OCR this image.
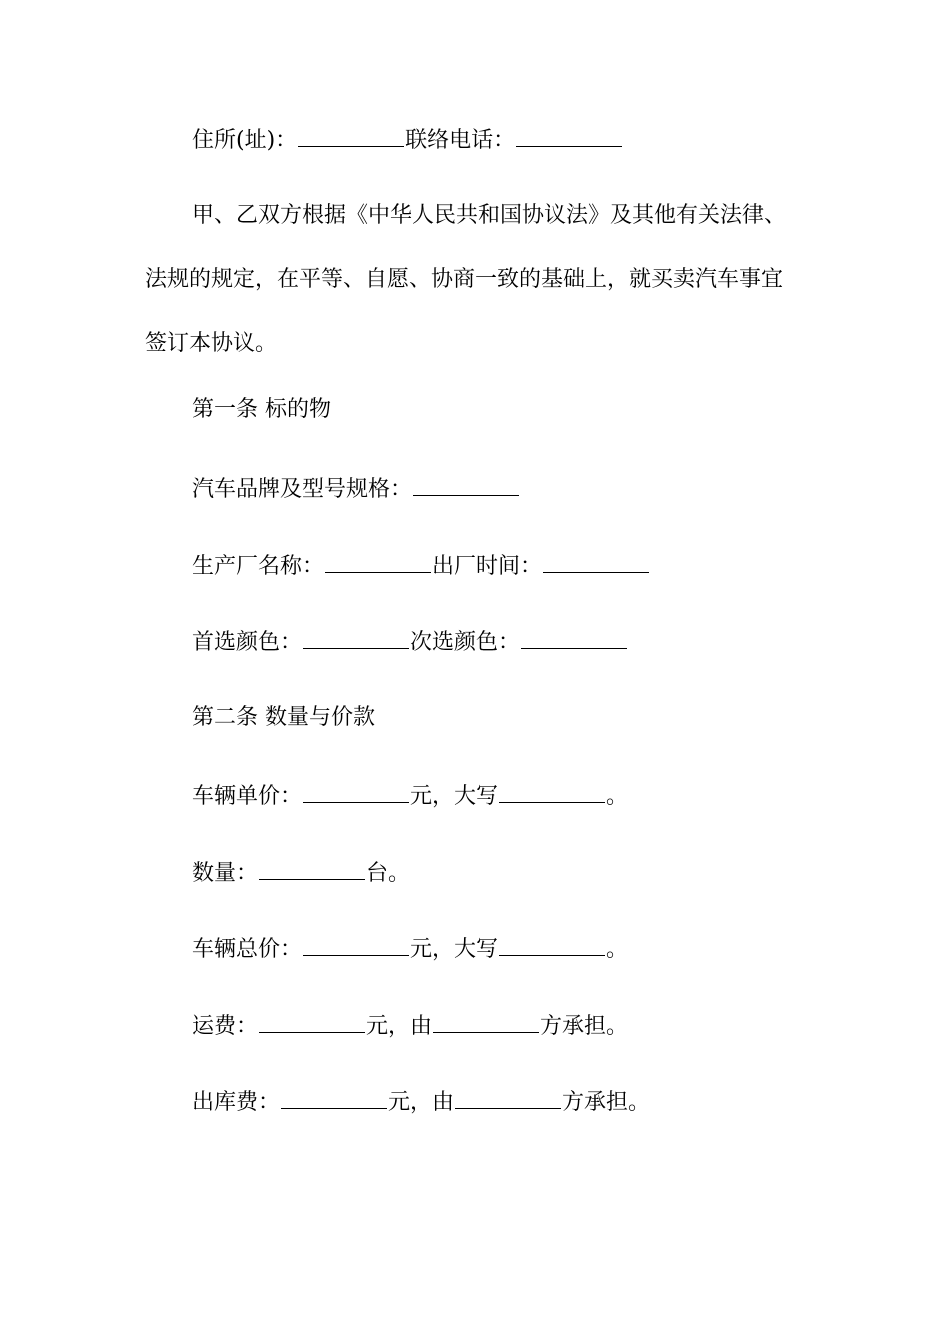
住所(址)：	联络电话：
甲、乙双方根据《中华人民共和国协议法》及其他有关法律、
法规的规定，在平等、自愿、协商一致的基础上，就买卖汽车事宜
签订本协议。
第一条 标的物
汽车品牌及型号规格：
生产厂名称：	出厂时间：
首选颜色：	次选颜色：
第二条 数量与价款
车辆单价：	元，大写	。
数量：	台。
车辆总价：	元，大写	。
运费：	元，由	方承担。
出库费：	元，由	方承担。
